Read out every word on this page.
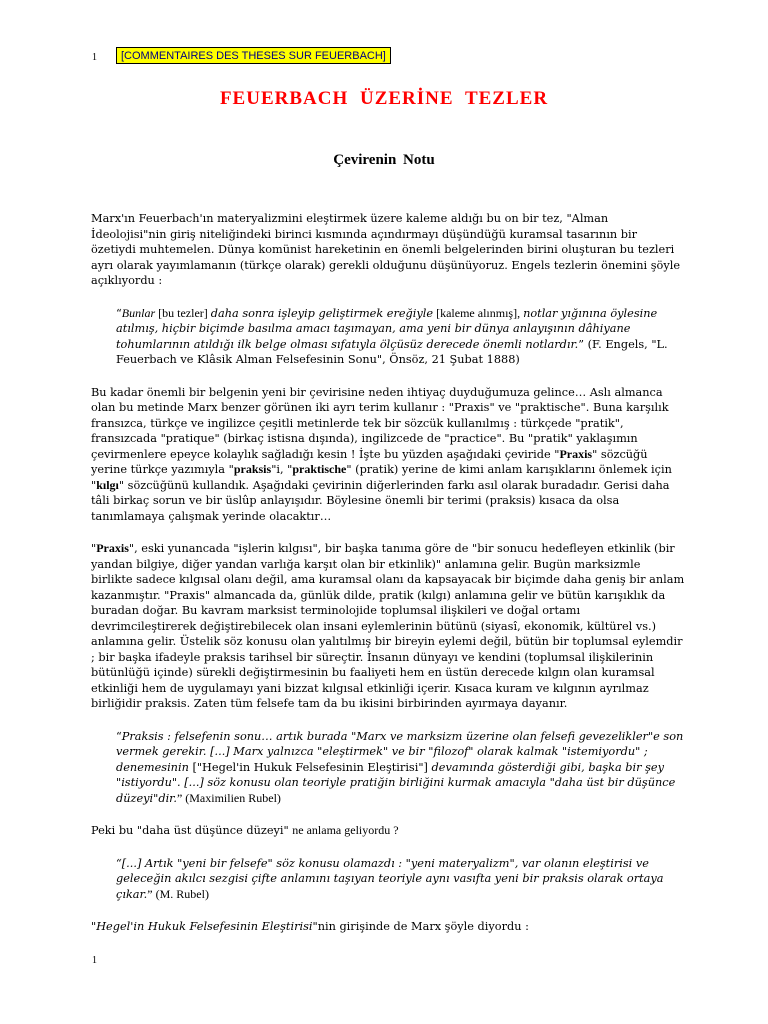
1	[COMMENTAIRES DES THESES SUR FEUERBACH]
FEUERBACH ÜZERİNE TEZLER
Çevirenin Notu

Marx'ın Feuerbach'ın materyalizmini eleştirmek üzere kaleme aldığı bu on bir tez, "Alman İdeolojisi"nin giriş niteliğindeki birinci kısmında açındırmayı düşündüğü kuramsal tasarının bir özetiydi muhtemelen. Dünya komünist hareketinin en önemli belgelerinden birini oluşturan bu tezleri ayrı olarak yayımlamanın (türkçe olarak) gerekli olduğunu düşünüyoruz. Engels tezlerin önemini şöyle açıklıyordu :

“Bunlar [bu tezler] daha sonra işleyip geliştirmek ereğiyle [kaleme alınmış], notlar yığınına öylesine atılmış, hiçbir biçimde basılma amacı taşımayan, ama yeni bir dünya anlayışının dâhiyane tohumlarının atıldığı ilk belge olması sıfatıyla ölçüsüz derecede önemli notlardır.” (F. Engels, "L. Feuerbach ve Klâsik Alman Felsefesinin Sonu", Önsöz, 21 Şubat 1888)

Bu kadar önemli bir belgenin yeni bir çevirisine neden ihtiyaç duyduğumuza gelince… Aslı almanca olan bu metinde Marx benzer görünen iki ayrı terim kullanır : "Praxis" ve "praktische". Buna karşılık fransızca, türkçe ve ingilizce çeşitli metinlerde tek bir sözcük kullanılmış : türkçede "pratik", fransızcada "pratique" (birkaç istisna dışında), ingilizcede de "practice". Bu "pratik" yaklaşımın çevirmenlere epeyce kolaylık sağladığı kesin ! İşte bu yüzden aşağıdaki çeviride "Praxis" sözcüğü yerine türkçe yazımıyla "praksis"i, "praktische" (pratik) yerine de kimi anlam karışıklarını önlemek için "kılgı" sözcüğünü kullandık. Aşağıdaki çevirinin diğerlerinden farkı asıl olarak buradadır. Gerisi daha tâli birkaç sorun ve bir üslûp anlayışıdır. Böylesine önemli bir terimi (praksis) kısaca da olsa tanımlamaya çalışmak yerinde olacaktır…

"Praxis", eski yunancada "işlerin kılgısı", bir başka tanıma göre de "bir sonucu hedefleyen etkinlik (bir yandan bilgiye, diğer yandan varlığa karşıt olan bir etkinlik)" anlamına gelir. Bugün marksizmle birlikte sadece kılgısal olanı değil, ama kuramsal olanı da kapsayacak bir biçimde daha geniş bir anlam kazanmıştır. "Praxis" almancada da, günlük dilde, pratik (kılgı) anlamına gelir ve bütün karışıklık da buradan doğar. Bu kavram marksist terminolojide toplumsal ilişkileri ve doğal ortamı devrimcileştirerek değiştirebilecek olan insani eylemlerinin bütünü (siyasî, ekonomik, kültürel vs.) anlamına gelir. Üstelik söz konusu olan yalıtılmış bir bireyin eylemi değil, bütün bir toplumsal eylemdir ; bir başka ifadeyle praksis tarihsel bir süreçtir. İnsanın dünyayı ve kendini (toplumsal ilişkilerinin bütünlüğü içinde) sürekli değiştirmesinin bu faaliyeti hem en üstün derecede kılgın olan kuramsal etkinliği hem de uygulamayı yani bizzat kılgısal etkinliği içerir. Kısaca kuram ve kılgının ayrılmaz birliğidir praksis. Zaten tüm felsefe tam da bu ikisini birbirinden ayırmaya dayanır.

“Praksis : felsefenin sonu… artık burada "Marx ve marksizm üzerine olan felsefi gevezelikler"e son vermek gerekir. [...] Marx yalnızca "eleştirmek" ve bir "filozof" olarak kalmak "istemiyordu" ; denemesinin ["Hegel'in Hukuk Felsefesinin Eleştirisi"] devamında gösterdiği gibi, başka bir şey "istiyordu". [...] söz konusu olan teoriyle pratiğin birliğini kurmak amacıyla "daha üst bir düşünce düzeyi"dir.” (Maximilien Rubel)

Peki bu "daha üst düşünce düzeyi" ne anlama geliyordu ?

“[...] Artık "yeni bir felsefe" söz konusu olamazdı : "yeni materyalizm", var olanın eleştirisi ve geleceğin akılcı sezgisi çifte anlamını taşıyan teoriyle aynı vasıfta yeni bir praksis olarak ortaya çıkar.” (M. Rubel)

"Hegel'in Hukuk Felsefesinin Eleştirisi"nin girişinde de Marx şöyle diyordu :

1
